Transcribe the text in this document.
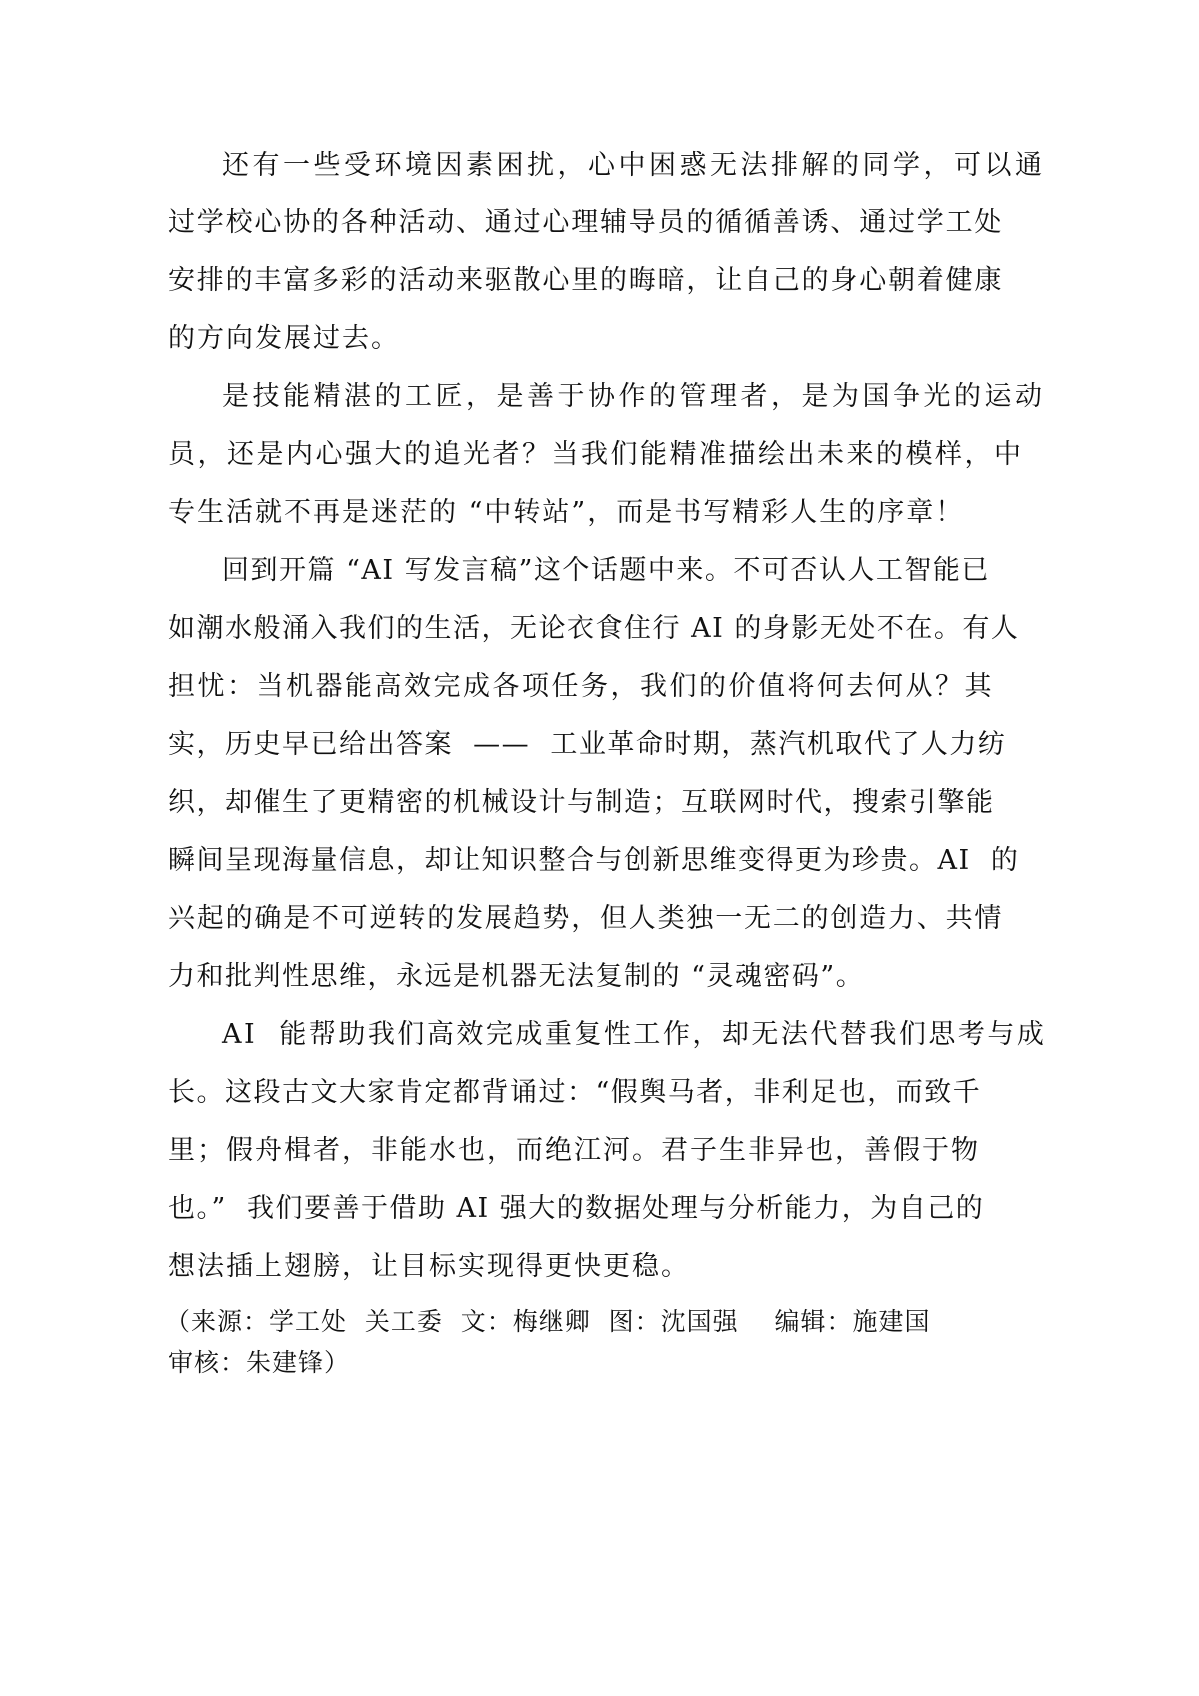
还有一些受环境因素困扰，心中困惑无法排解的同学，可以通
过学校心协的各种活动、通过心理辅导员的循循善诱、通过学工处
安排的丰富多彩的活动来驱散心里的晦暗，让自己的身心朝着健康
的方向发展过去。
是技能精湛的工匠，是善于协作的管理者，是为国争光的运动
员，还是内心强大的追光者？当我们能精准描绘出未来的模样，中
专生活就不再是迷茫的 “中转站”，而是书写精彩人生的序章！
回到开篇 “AI 写发言稿”这个话题中来。不可否认人工智能已
如潮水般涌入我们的生活，无论衣食住行 AI 的身影无处不在。有人
担忧：当机器能高效完成各项任务，我们的价值将何去何从？其
实，历史早已给出答案  ——  工业革命时期，蒸汽机取代了人力纺
织，却催生了更精密的机械设计与制造；互联网时代，搜索引擎能
瞬间呈现海量信息，却让知识整合与创新思维变得更为珍贵。AI  的
兴起的确是不可逆转的发展趋势，但人类独一无二的创造力、共情
力和批判性思维，永远是机器无法复制的 “灵魂密码”。
AI  能帮助我们高效完成重复性工作，却无法代替我们思考与成
长。这段古文大家肯定都背诵过：“假舆马者，非利足也，而致千
里；假舟楫者，非能水也，而绝江河。君子生非异也，善假于物
也。”  我们要善于借助 AI 强大的数据处理与分析能力，为自己的
想法插上翅膀，让目标实现得更快更稳。
（来源：学工处  关工委  文：梅继卿  图：沈国强    编辑：施建国
审核：朱建锋）
